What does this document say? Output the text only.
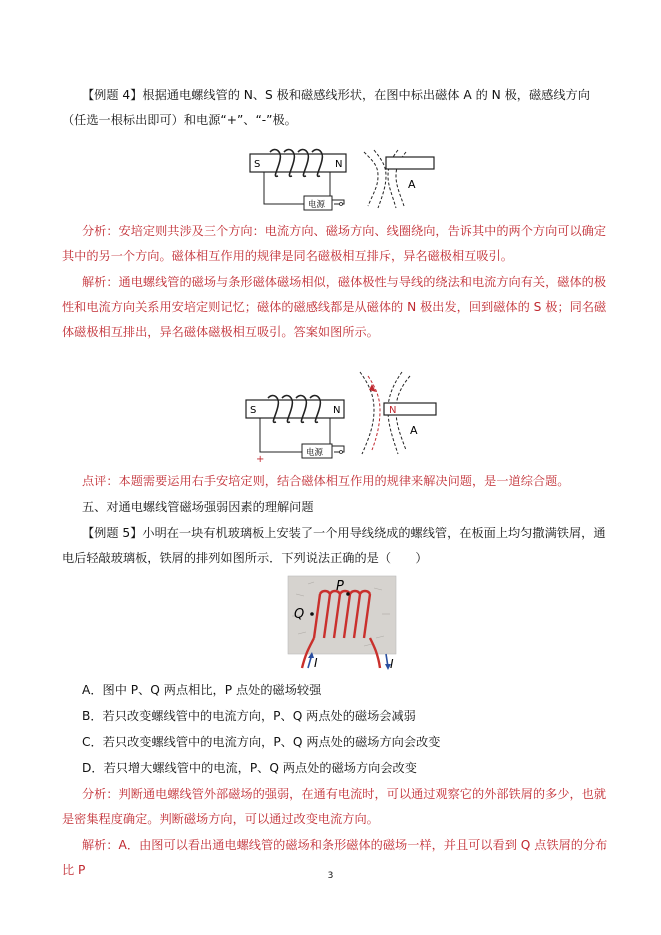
【例题 4】根据通电螺线管的 N、S 极和磁感线形状，在图中标出磁体 A 的 N 极，磁感线方向（任选一根标出即可）和电源“+”、“-”极。

S	N
电源
A

分析：安培定则共涉及三个方向：电流方向、磁场方向、线圈绕向，告诉其中的两个方向可以确定其中的另一个方向。磁体相互作用的规律是同名磁极相互排斥，异名磁极相互吸引。

解析：通电螺线管的磁场与条形磁体磁场相似，磁体极性与导线的绕法和电流方向有关，磁体的极性和电流方向关系用安培定则记忆；磁体的磁感线都是从磁体的 N 极出发，回到磁体的 S 极；同名磁体磁极相互排出，异名磁体磁极相互吸引。答案如图所示。

S	N
电源
+
N
A

点评：本题需要运用右手安培定则，结合磁体相互作用的规律来解决问题，是一道综合题。

五、对通电螺线管磁场强弱因素的理解问题

【例题 5】小明在一块有机玻璃板上安装了一个用导线绕成的螺线管，在板面上均匀撒满铁屑，通电后轻敲玻璃板，铁屑的排列如图所示．下列说法正确的是（　　）

P
Q
I	I
A．图中 P、Q 两点相比，P 点处的磁场较强
B．若只改变螺线管中的电流方向，P、Q 两点处的磁场会减弱
C．若只改变螺线管中的电流方向，P、Q 两点处的磁场方向会改变
D．若只增大螺线管中的电流，P、Q 两点处的磁场方向会改变

分析：判断通电螺线管外部磁场的强弱，在通有电流时，可以通过观察它的外部铁屑的多少，也就是密集程度确定。判断磁场方向，可以通过改变电流方向。

解析：A．由图可以看出通电螺线管的磁场和条形磁体的磁场一样，并且可以看到 Q 点铁屑的分布比 P	3
